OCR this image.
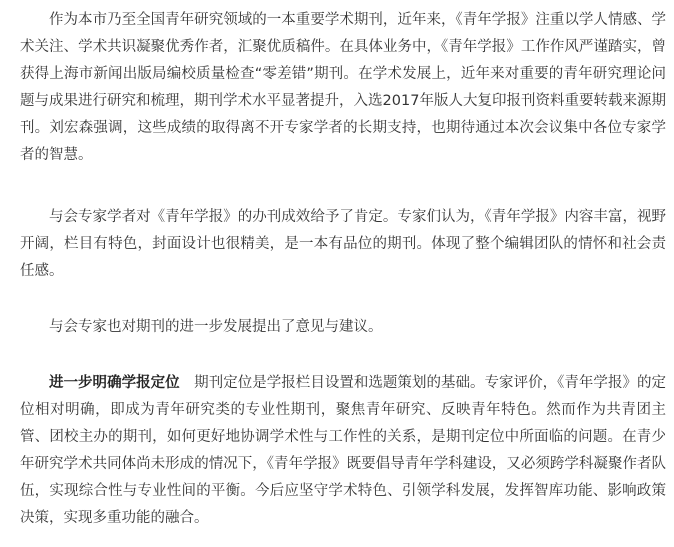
作为本市乃至全国青年研究领域的一本重要学术期刊，近年来，《青年学报》注重以学人情感、学术关注、学术共识凝聚优秀作者，汇聚优质稿件。在具体业务中，《青年学报》工作作风严谨踏实，曾获得上海市新闻出版局编校质量检查“零差错”期刊。在学术发展上，近年来对重要的青年研究理论问题与成果进行研究和梳理，期刊学术水平显著提升，入选2017年版人大复印报刊资料重要转载来源期刊。刘宏森强调，这些成绩的取得离不开专家学者的长期支持，也期待通过本次会议集中各位专家学者的智慧。

与会专家学者对《青年学报》的办刊成效给予了肯定。专家们认为，《青年学报》内容丰富，视野开阔，栏目有特色，封面设计也很精美，是一本有品位的期刊。体现了整个编辑团队的情怀和社会责任感。

与会专家也对期刊的进一步发展提出了意见与建议。

进一步明确学报定位 期刊定位是学报栏目设置和选题策划的基础。专家评价，《青年学报》的定位相对明确，即成为青年研究类的专业性期刊，聚焦青年研究、反映青年特色。然而作为共青团主管、团校主办的期刊，如何更好地协调学术性与工作性的关系，是期刊定位中所面临的问题。在青少年研究学术共同体尚未形成的情况下，《青年学报》既要倡导青年学科建设，又必须跨学科凝聚作者队伍，实现综合性与专业性间的平衡。今后应坚守学术特色、引领学科发展，发挥智库功能、影响政策决策，实现多重功能的融合。
